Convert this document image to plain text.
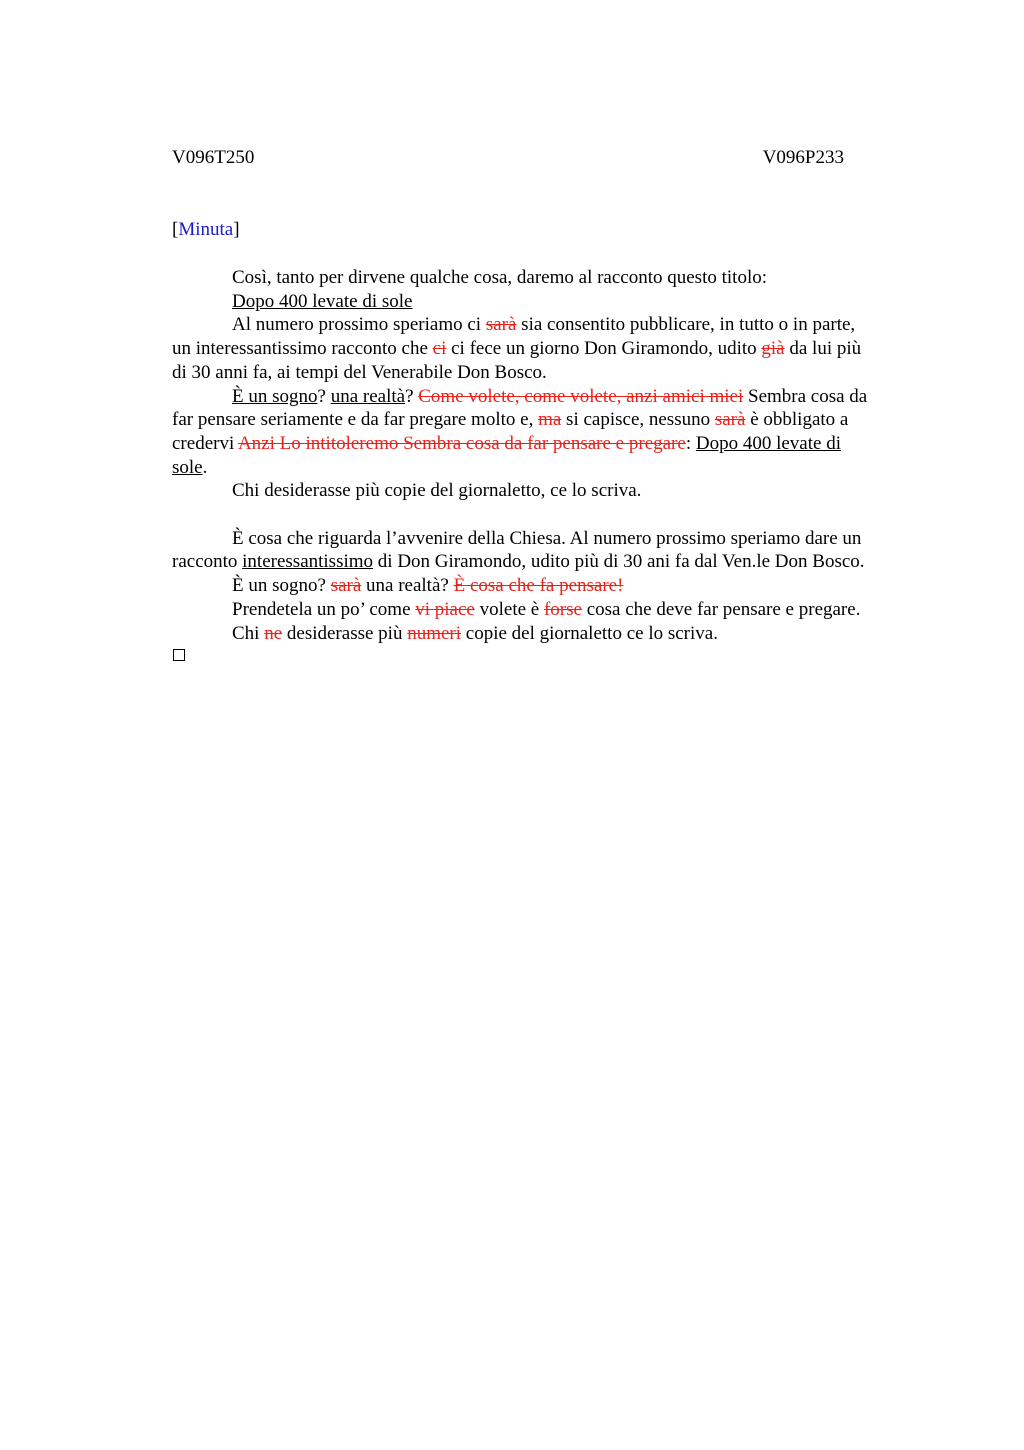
V096T250	V096P233
[Minuta]
Così, tanto per dirvene qualche cosa, daremo al racconto questo titolo:
Dopo 400 levate di sole
Al numero prossimo speriamo ci sarà sia consentito pubblicare, in tutto o in parte,
un interessantissimo racconto che ci ci fece un giorno Don Giramondo, udito già da lui più
di 30 anni fa, ai tempi del Venerabile Don Bosco.
È un sogno? una realtà? Come volete, come volete, anzi amici miei Sembra cosa da
far pensare seriamente e da far pregare molto e, ma si capisce, nessuno sarà è obbligato a
credervi Anzi Lo intitoleremo Sembra cosa da far pensare e pregare: Dopo 400 levate di
sole.
Chi desiderasse più copie del giornaletto, ce lo scriva.
È cosa che riguarda l’avvenire della Chiesa. Al numero prossimo speriamo dare un
racconto interessantissimo di Don Giramondo, udito più di 30 ani fa dal Ven.le Don Bosco.
È un sogno? sarà una realtà? È cosa che fa pensare!
Prendetela un po’ come vi piace volete è forse cosa che deve far pensare e pregare.
Chi ne desiderasse più numeri copie del giornaletto ce lo scriva.
